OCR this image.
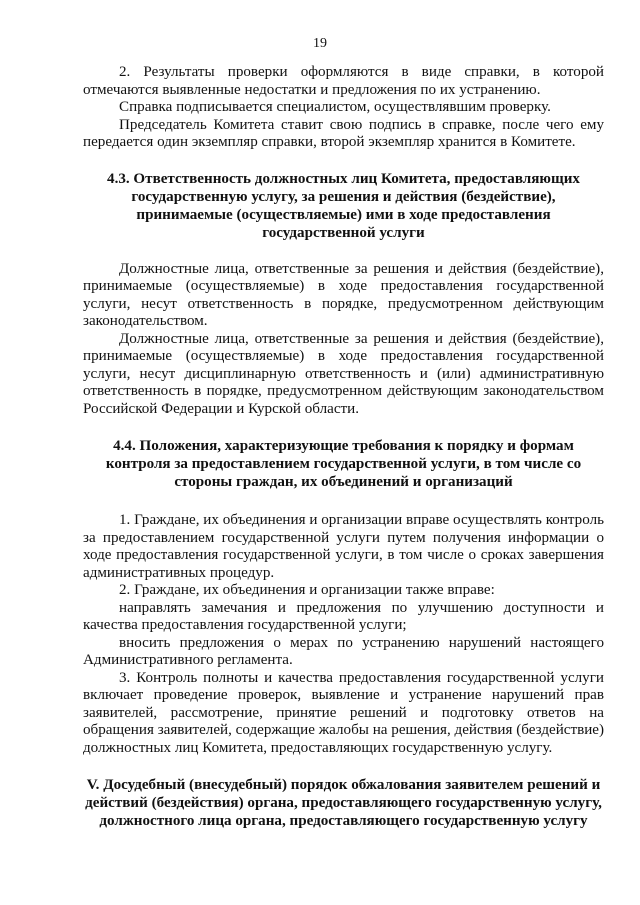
19

2. Результаты проверки оформляются в виде справки, в которой отмечаются выявленные недостатки и предложения по их устранению.

Справка подписывается специалистом, осуществлявшим проверку.

Председатель Комитета ставит свою подпись в справке, после чего ему передается один экземпляр справки, второй экземпляр хранится в Комитете.

4.3. Ответственность должностных лиц Комитета, предоставляющих государственную услугу, за решения и действия (бездействие), принимаемые (осуществляемые) ими в ходе предоставления государственной услуги

Должностные лица, ответственные за решения и действия (бездействие), принимаемые (осуществляемые) в ходе предоставления государственной услуги, несут ответственность в порядке, предусмотренном действующим законодательством.

Должностные лица, ответственные за решения и действия (бездействие), принимаемые (осуществляемые) в ходе предоставления государственной услуги, несут дисциплинарную ответственность и (или) административную ответственность в порядке, предусмотренном действующим законодательством Российской Федерации и Курской области.

4.4. Положения, характеризующие требования к порядку и формам контроля за предоставлением государственной услуги, в том числе со стороны граждан, их объединений и организаций

1. Граждане, их объединения и организации вправе осуществлять контроль за предоставлением государственной услуги путем получения информации о ходе предоставления государственной услуги, в том числе о сроках завершения административных процедур.

2. Граждане, их объединения и организации также вправе:

направлять замечания и предложения по улучшению доступности и качества предоставления государственной услуги;

вносить предложения о мерах по устранению нарушений настоящего Административного регламента.

3. Контроль полноты и качества предоставления государственной услуги включает проведение проверок, выявление и устранение нарушений прав заявителей, рассмотрение, принятие решений и подготовку ответов на обращения заявителей, содержащие жалобы на решения, действия (бездействие) должностных лиц Комитета, предоставляющих государственную услугу.

V. Досудебный (внесудебный) порядок обжалования заявителем решений и действий (бездействия) органа, предоставляющего государственную услугу, должностного лица органа, предоставляющего государственную услугу
